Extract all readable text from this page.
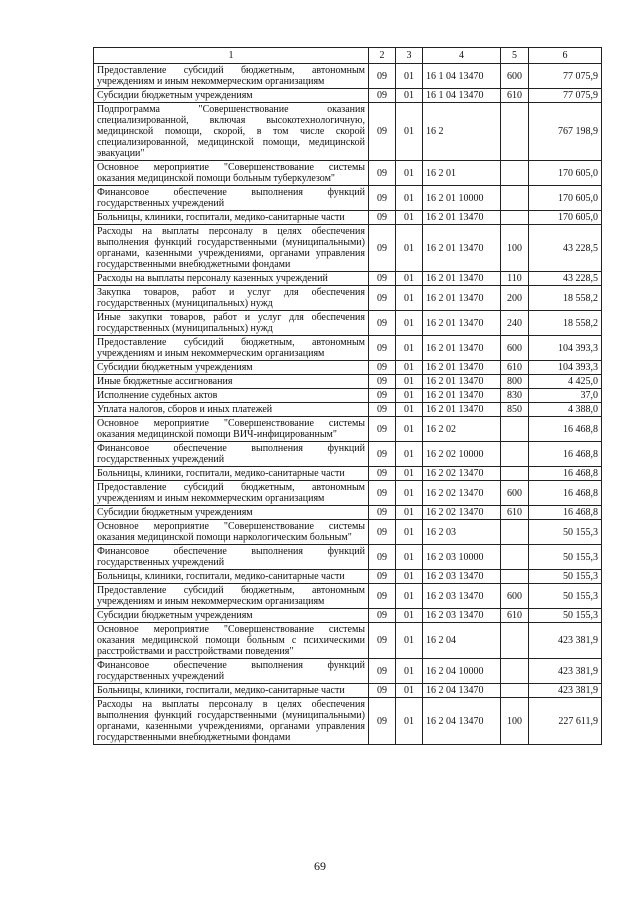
1	2	3	4	5	6
Предоставление субсидий бюджетным, автономным учреждениям и иным некоммерческим организациям	09	01	16 1 04 13470	600	77 075,9
Субсидии бюджетным учреждениям	09	01	16 1 04 13470	610	77 075,9
Подпрограмма "Совершенствование оказания специализированной, включая высокотехнологичную, медицинской помощи, скорой, в том числе скорой специализированной, медицинской помощи, медицинской эвакуации"	09	01	16 2		767 198,9
Основное мероприятие "Совершенствование системы оказания медицинской помощи больным туберкулезом"	09	01	16 2 01		170 605,0
Финансовое обеспечение выполнения функций государственных учреждений	09	01	16 2 01 10000		170 605,0
Больницы, клиники, госпитали, медико-санитарные части	09	01	16 2 01 13470		170 605,0
Расходы на выплаты персоналу в целях обеспечения выполнения функций государственными (муниципальными) органами, казенными учреждениями, органами управления государственными внебюджетными фондами	09	01	16 2 01 13470	100	43 228,5
Расходы на выплаты персоналу казенных учреждений	09	01	16 2 01 13470	110	43 228,5
Закупка товаров, работ и услуг для обеспечения государственных (муниципальных) нужд	09	01	16 2 01 13470	200	18 558,2
Иные закупки товаров, работ и услуг для обеспечения государственных (муниципальных) нужд	09	01	16 2 01 13470	240	18 558,2
Предоставление субсидий бюджетным, автономным учреждениям и иным некоммерческим организациям	09	01	16 2 01 13470	600	104 393,3
Субсидии бюджетным учреждениям	09	01	16 2 01 13470	610	104 393,3
Иные бюджетные ассигнования	09	01	16 2 01 13470	800	4 425,0
Исполнение судебных актов	09	01	16 2 01 13470	830	37,0
Уплата налогов, сборов и иных платежей	09	01	16 2 01 13470	850	4 388,0
Основное мероприятие "Совершенствование системы оказания медицинской помощи ВИЧ-инфицированным"	09	01	16 2 02		16 468,8
Финансовое обеспечение выполнения функций государственных учреждений	09	01	16 2 02 10000		16 468,8
Больницы, клиники, госпитали, медико-санитарные части	09	01	16 2 02 13470		16 468,8
Предоставление субсидий бюджетным, автономным учреждениям и иным некоммерческим организациям	09	01	16 2 02 13470	600	16 468,8
Субсидии бюджетным учреждениям	09	01	16 2 02 13470	610	16 468,8
Основное мероприятие "Совершенствование системы оказания медицинской помощи наркологическим больным"	09	01	16 2 03		50 155,3
Финансовое обеспечение выполнения функций государственных учреждений	09	01	16 2 03 10000		50 155,3
Больницы, клиники, госпитали, медико-санитарные части	09	01	16 2 03 13470		50 155,3
Предоставление субсидий бюджетным, автономным учреждениям и иным некоммерческим организациям	09	01	16 2 03 13470	600	50 155,3
Субсидии бюджетным учреждениям	09	01	16 2 03 13470	610	50 155,3
Основное мероприятие "Совершенствование системы оказания медицинской помощи больным с психическими расстройствами и расстройствами поведения"	09	01	16 2 04		423 381,9
Финансовое обеспечение выполнения функций государственных учреждений	09	01	16 2 04 10000		423 381,9
Больницы, клиники, госпитали, медико-санитарные части	09	01	16 2 04 13470		423 381,9
Расходы на выплаты персоналу в целях обеспечения выполнения функций государственными (муниципальными) органами, казенными учреждениями, органами управления государственными внебюджетными фондами	09	01	16 2 04 13470	100	227 611,9
69
